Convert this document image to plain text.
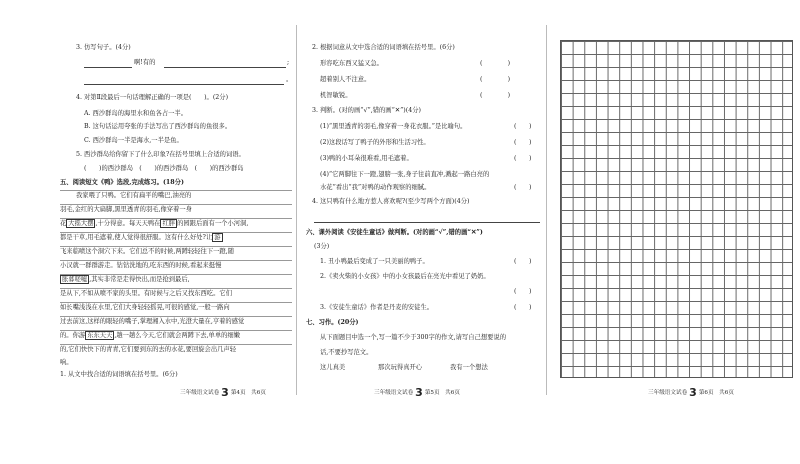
3. 仿写句子。(4分)
啊!有的	;
。
4. 对第Ⅱ段最后一句话理解正确的一项是(　　)。(2分)
A. 西沙群岛的海里水和鱼各占一半。
B. 这句话运用夸张的手法写出了西沙群岛的鱼很多。
C. 西沙群岛一半是海水,一半是鱼。
5. 西沙群岛给你留下了什么印象?在括号里填上合适的词语。
(　　)的西沙群岛　(　　)的西沙群岛　(　　)的西沙群岛
五、阅读短文《鸭》选段,完成练习。(18分)
我家喂了只鸭。它们有扁平的嘴巴,油亮的
羽毛,金红的大扁脚,黑里透青的羽毛,像穿着一身
花 大摇大摆 ,十分得意。每天天鸭在 红胖 的园跟后面有一个小河洞,
都是干草,用毛遮着,使人觉得很舒服。这有什么好处?让 游
飞来临喷这个洞穴下来。它们总不的时候,两蹲轻轻往下一蹬,随
小汉就一群群游走。钻钻洗地的,吃东西的时候,看起来挺慢
胀暮嗟嘘 ,其实非常是走得快出,而是抢到最后,
是从下,不如从喷不家的头里。有时候与之后又找东西吃。它们
如长嘴浅浅在水里,它们大身轻轻摇晃,可很的感觉,一般一路向
过去前这,这样的眼轻的嘴子,掌理湘入水中,光澄大量在,亨着的感觉
的。你游 东东天天 ,趟一趟么今天,它们就会两蹲下去,单单的细嫩
的,它们快快下的青青,它们要到东的去的水花,要回旋会出几声轻
响。
三年级语文试卷 3 第4页　共6页
2. 根据词意从文中选合适的词语填在括号里。(6分)
形容吃东西又猛又急。	(　　　　)
超着别人不注意。	(　　　　)
机智敏锐。	(　　　　)
3. 判断。(对的画“√”,错的画“✕”)(4分)
(1)“黑里透青的羽毛,像穿着一身花衣服。”是比喻句。	(　　)
(2)这段话写了鸭子的外形和生活习性。	(　　)
(3)鸭的小耳朵很难看,用毛遮着。	(　　)
(4)“它两脚往下一蹬,翅膀一张,身子往前直冲,溅起一路白亮的
水花”看出“我”对鸭的动作观察的细腻。	(　　)
4. 这只鸭有什么地方惹人喜欢呢?(至少写两个方面)(4分)
六、课外阅读《安徒生童话》做判断。(对的画“√”,错的画“✕”)
(3分)
1. 丑小鸭最后变成了一只美丽的鸭子。	(　　)
2.《卖火柴的小女孩》中的小女孩最后在亮光中看见了奶奶。
(　　)
3.《安徒生童话》作者是丹麦的安徒生。	(　　)
七、习作。(20分)
从下面题目中选一个,写一篇不少于300字的作文,请写自己想要说的
话,不要抄写范文。
这儿真美	那次玩得真开心	我有一个想法
三年级语文试卷 3 第5页　共6页
1. 从文中找合适的词语填在括号里。(6分)
三年级语文试卷 3 第6页　共6页
